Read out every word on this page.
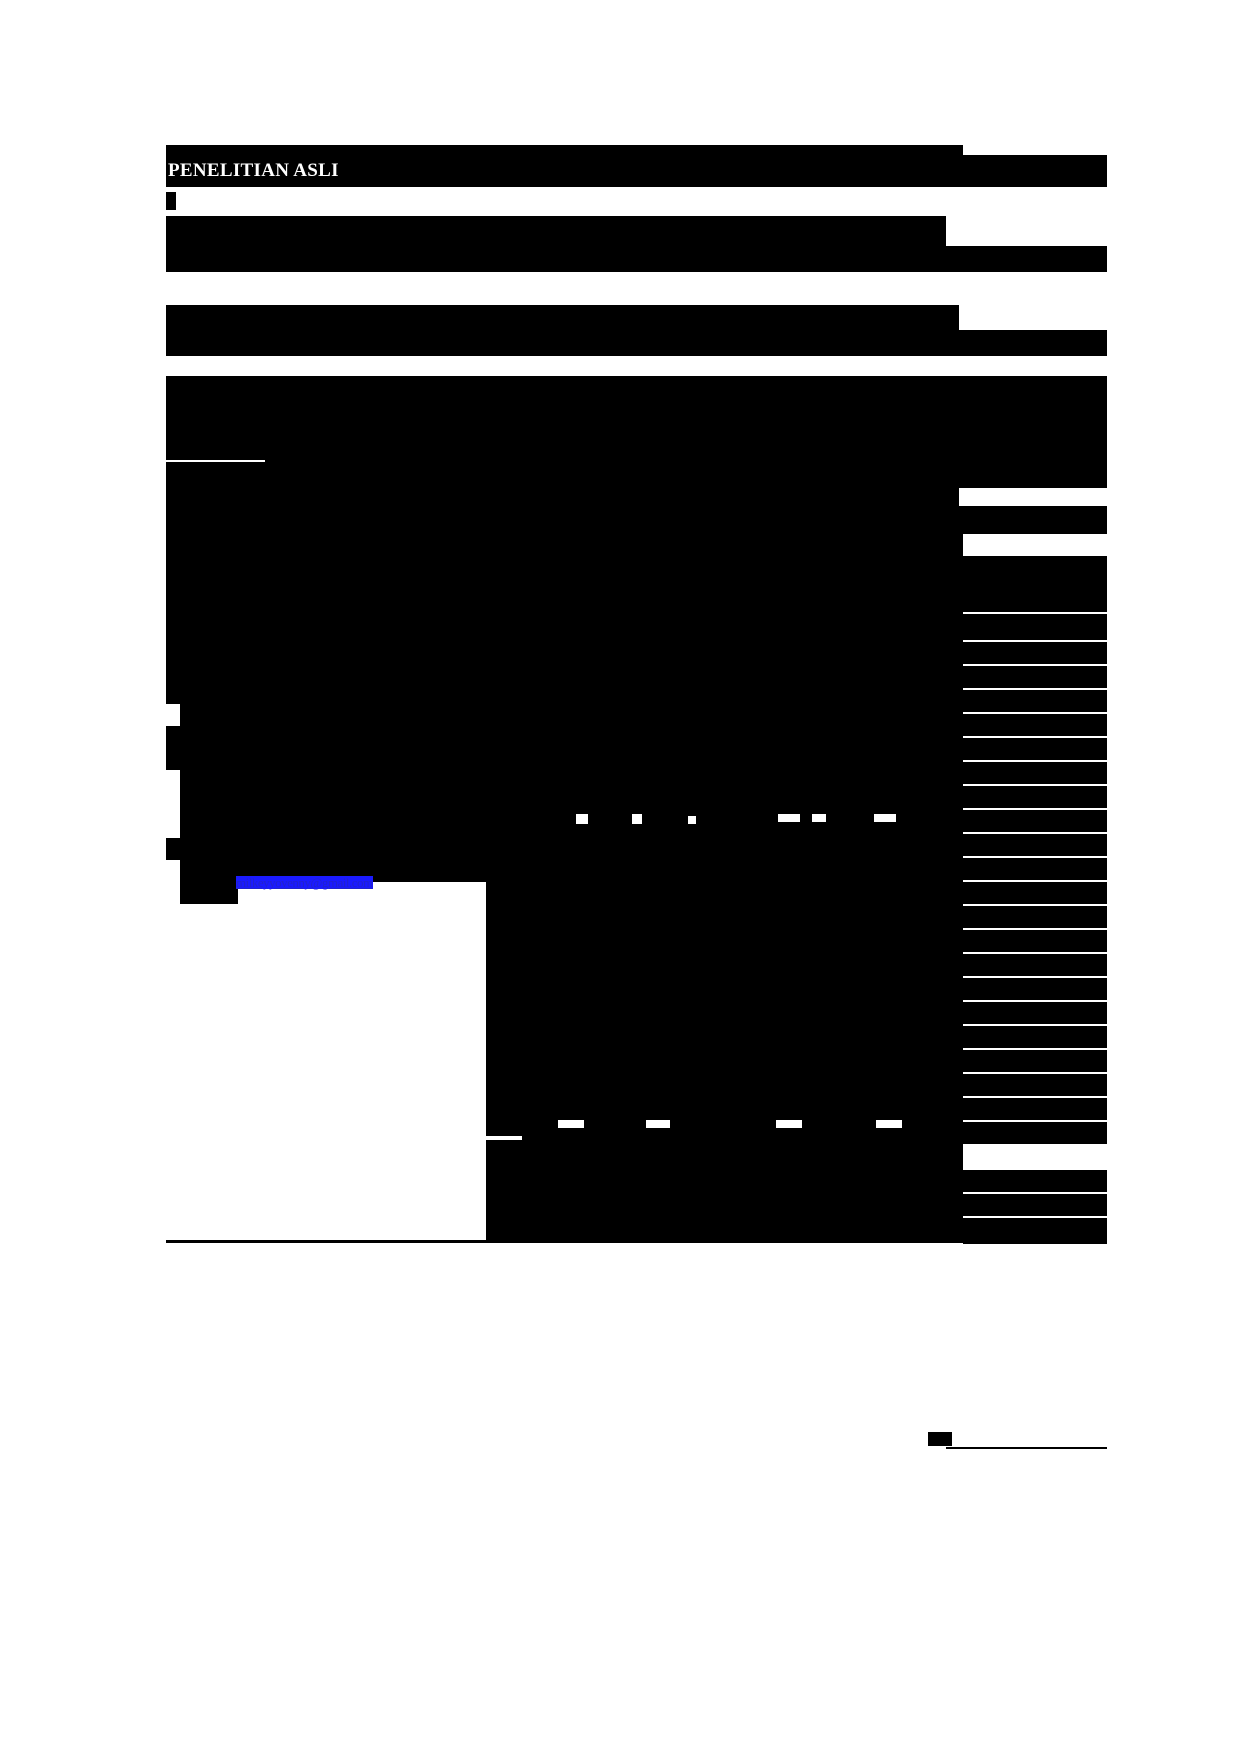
PENELITIAN ASLI
milkeyyovenny@gmail.com
